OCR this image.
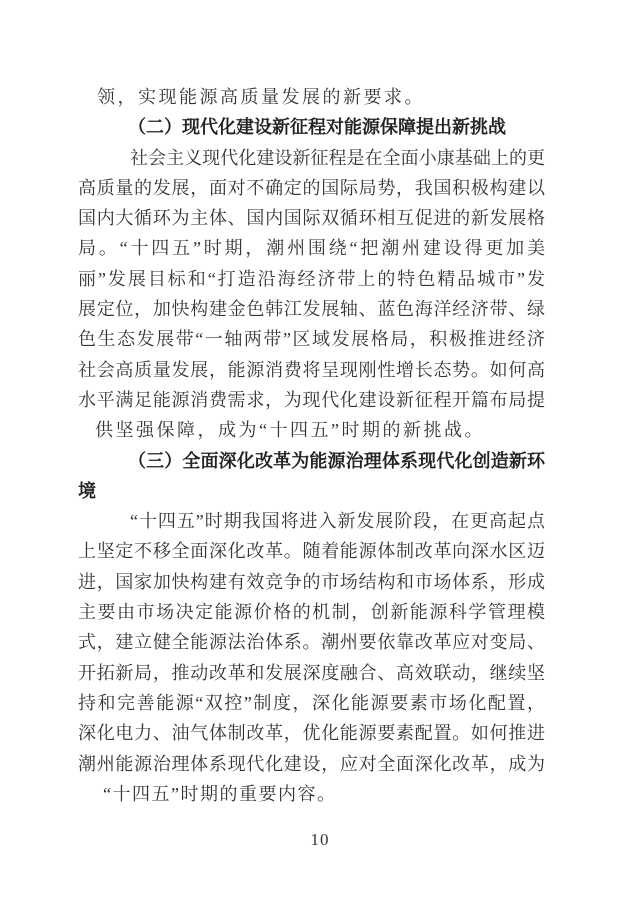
领，实现能源高质量发展的新要求。
（二）现代化建设新征程对能源保障提出新挑战
社会主义现代化建设新征程是在全面小康基础上的更
高质量的发展，面对不确定的国际局势，我国积极构建以
国内大循环为主体、国内国际双循环相互促进的新发展格
局。“十四五”时期，潮州围绕“把潮州建设得更加美
丽”发展目标和“打造沿海经济带上的特色精品城市”发
展定位，加快构建金色韩江发展轴、蓝色海洋经济带、绿
色生态发展带“一轴两带”区域发展格局，积极推进经济
社会高质量发展，能源消费将呈现刚性增长态势。如何高
水平满足能源消费需求，为现代化建设新征程开篇布局提
供坚强保障，成为“十四五”时期的新挑战。
（三）全面深化改革为能源治理体系现代化创造新环
境
“十四五”时期我国将进入新发展阶段，在更高起点
上坚定不移全面深化改革。随着能源体制改革向深水区迈
进，国家加快构建有效竞争的市场结构和市场体系，形成
主要由市场决定能源价格的机制，创新能源科学管理模
式，建立健全能源法治体系。潮州要依靠改革应对变局、
开拓新局，推动改革和发展深度融合、高效联动，继续坚
持和完善能源“双控”制度，深化能源要素市场化配置，
深化电力、油气体制改革，优化能源要素配置。如何推进
潮州能源治理体系现代化建设，应对全面深化改革，成为
“十四五”时期的重要内容。
10
